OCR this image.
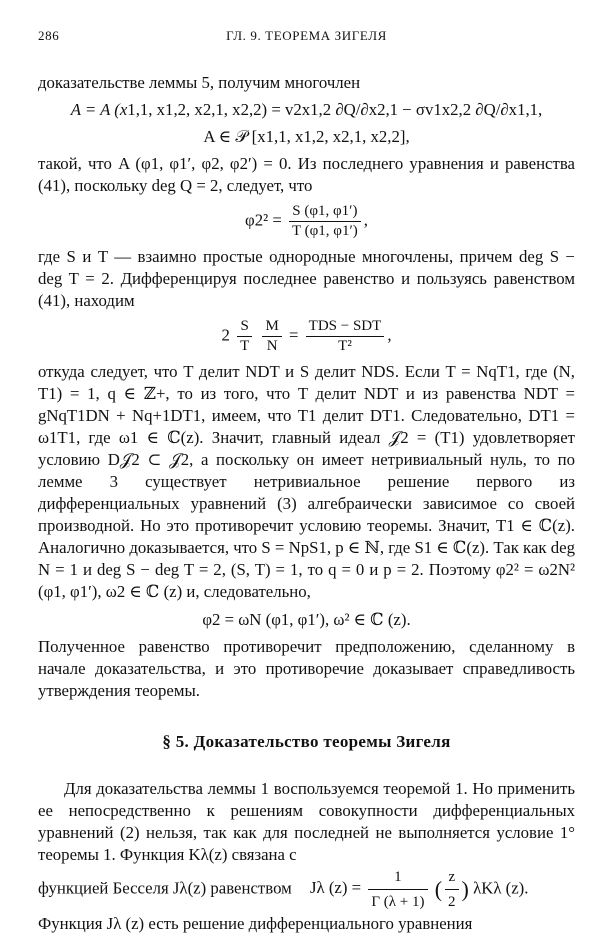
286	ГЛ. 9. ТЕОРЕМА ЗИГЕЛЯ

доказательстве леммы 5, получим многочлен

A = A (x1,1, x1,2, x2,1, x2,2) = v2x1,2 ∂Q/∂x2,1 − σv1x2,2 ∂Q/∂x1,1,
A ∈ 𝒫 [x1,1, x1,2, x2,1, x2,2],

такой, что A (φ1, φ1′, φ2, φ2′) = 0. Из последнего уравнения и равенства (41), поскольку deg Q = 2, следует, что

$\varphi 2^2 = \frac{S (\varphi 1, \varphi 1')}{T (\varphi 1, \varphi 1')}$ ,

где S и T — взаимно простые однородные многочлены, причем deg S − deg T = 2. Дифференцируя последнее равенство и пользуясь равенством (41), находим

$2 \frac{S}{T}$
$\frac{M}{N} = \frac{\text{TDS − SDT}}{\text{T²}}$ ,

откуда следует, что T делит NDT и S делит NDS. Если T = NqT1, где (N, T1) = 1, q ∈ ℤ+, то из того, что T делит NDT и из равенства NDT = gNqT1DN + Nq+1DT1, имеем, что T1 делит DT1. Следовательно, DT1 = ω1T1, где ω1 ∈ ℂ(z). Значит, главный идеал 𝒥2 = (T1) удовлетворяет условию D𝒥2 ⊂ 𝒥2, а поскольку он имеет нетривиальный нуль, то по лемме 3 существует нетривиальное решение первого из дифференциальных уравнений (3) алгебраически зависимое со своей производной. Но это противоречит условию теоремы. Значит, T1 ∈ ℂ(z). Аналогично доказывается, что S = NpS1, p ∈ ℕ, где S1 ∈ ℂ(z). Так как deg N = 1 и deg S − deg T = 2, (S, T) = 1, то q = 0 и p = 2. Поэтому φ2² = ω2N² (φ1, φ1′), ω2 ∈ ℂ (z) и, следовательно,

φ2 = ωN (φ1, φ1′), ω² ∈ ℂ (z).

Полученное равенство противоречит предположению, сделанному в начале доказательства, и это противоречие доказывает справедливость утверждения теоремы.

§ 5. Доказательство теоремы Зигеля

Для доказательства леммы 1 воспользуемся теоремой 1. Но применить ее непосредственно к решениям совокупности дифференциальных уравнений (2) нельзя, так как для последней не выполняется условие 1° теоремы 1. Функция Kλ(z) связана с

функцией Бесселя Jλ(z) равенством Jλ $(z) = \frac{1}{\Gamma (\lambda + 1)}$ ( $\frac{z}{2}$ ) λKλ (z).

Функция Jλ (z) есть решение дифференциального уравнения
